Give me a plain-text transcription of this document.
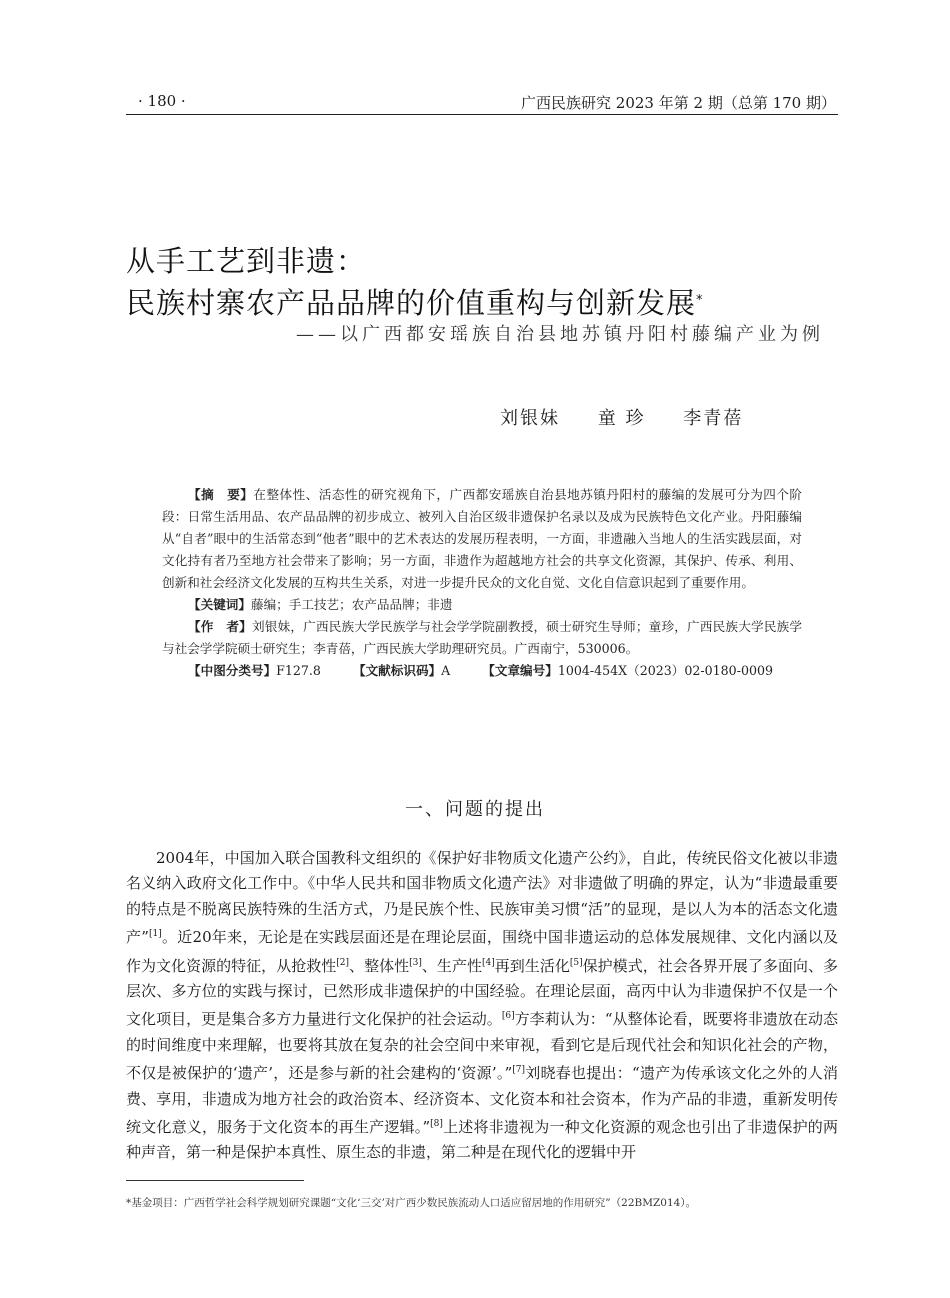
· 180 ·	广西民族研究 2023 年第 2 期（总第 170 期）
从手工艺到非遗：
民族村寨农产品品牌的价值重构与创新发展*
——以广西都安瑶族自治县地苏镇丹阳村藤编产业为例
刘银妹 童 珍 李青蓓

【摘　要】在整体性、活态性的研究视角下，广西都安瑶族自治县地苏镇丹阳村的藤编的发展可分为四个阶段：日常生活用品、农产品品牌的初步成立、被列入自治区级非遗保护名录以及成为民族特色文化产业。丹阳藤编从“自者”眼中的生活常态到“他者”眼中的艺术表达的发展历程表明，一方面，非遗融入当地人的生活实践层面，对文化持有者乃至地方社会带来了影响；另一方面，非遗作为超越地方社会的共享文化资源，其保护、传承、利用、创新和社会经济文化发展的互构共生关系，对进一步提升民众的文化自觉、文化自信意识起到了重要作用。

【关键词】藤编；手工技艺；农产品品牌；非遗

【作　者】刘银妹，广西民族大学民族学与社会学学院副教授，硕士研究生导师；童珍，广西民族大学民族学与社会学学院硕士研究生；李青蓓，广西民族大学助理研究员。广西南宁，530006。

【中图分类号】F127.8	【文献标识码】A	【文章编号】1004-454X（2023）02-0180-0009

一、问题的提出

2004年，中国加入联合国教科文组织的《保护好非物质文化遗产公约》，自此，传统民俗文化被以非遗名义纳入政府文化工作中。《中华人民共和国非物质文化遗产法》对非遗做了明确的界定，认为“非遗最重要的特点是不脱离民族特殊的生活方式，乃是民族个性、民族审美习惯“活”的显现，是以人为本的活态文化遗产”[1]。近20年来，无论是在实践层面还是在理论层面，围绕中国非遗运动的总体发展规律、文化内涵以及作为文化资源的特征，从抢救性[2]、整体性[3]、生产性[4]再到生活化[5]保护模式，社会各界开展了多面向、多层次、多方位的实践与探讨，已然形成非遗保护的中国经验。在理论层面，高丙中认为非遗保护不仅是一个文化项目，更是集合多方力量进行文化保护的社会运动。[6]方李莉认为：“从整体论看，既要将非遗放在动态的时间维度中来理解，也要将其放在复杂的社会空间中来审视，看到它是后现代社会和知识化社会的产物，不仅是被保护的‘遗产’，还是参与新的社会建构的‘资源’。”[7]刘晓春也提出：“遗产为传承该文化之外的人消费、享用，非遗成为地方社会的政治资本、经济资本、文化资本和社会资本，作为产品的非遗，重新发明传统文化意义，服务于文化资本的再生产逻辑。”[8]上述将非遗视为一种文化资源的观念也引出了非遗保护的两种声音，第一种是保护本真性、原生态的非遗，第二种是在现代化的逻辑中开

*基金项目：广西哲学社会科学规划研究课题“文化‘三交’对广西少数民族流动人口适应留居地的作用研究”（22BMZ014）。
